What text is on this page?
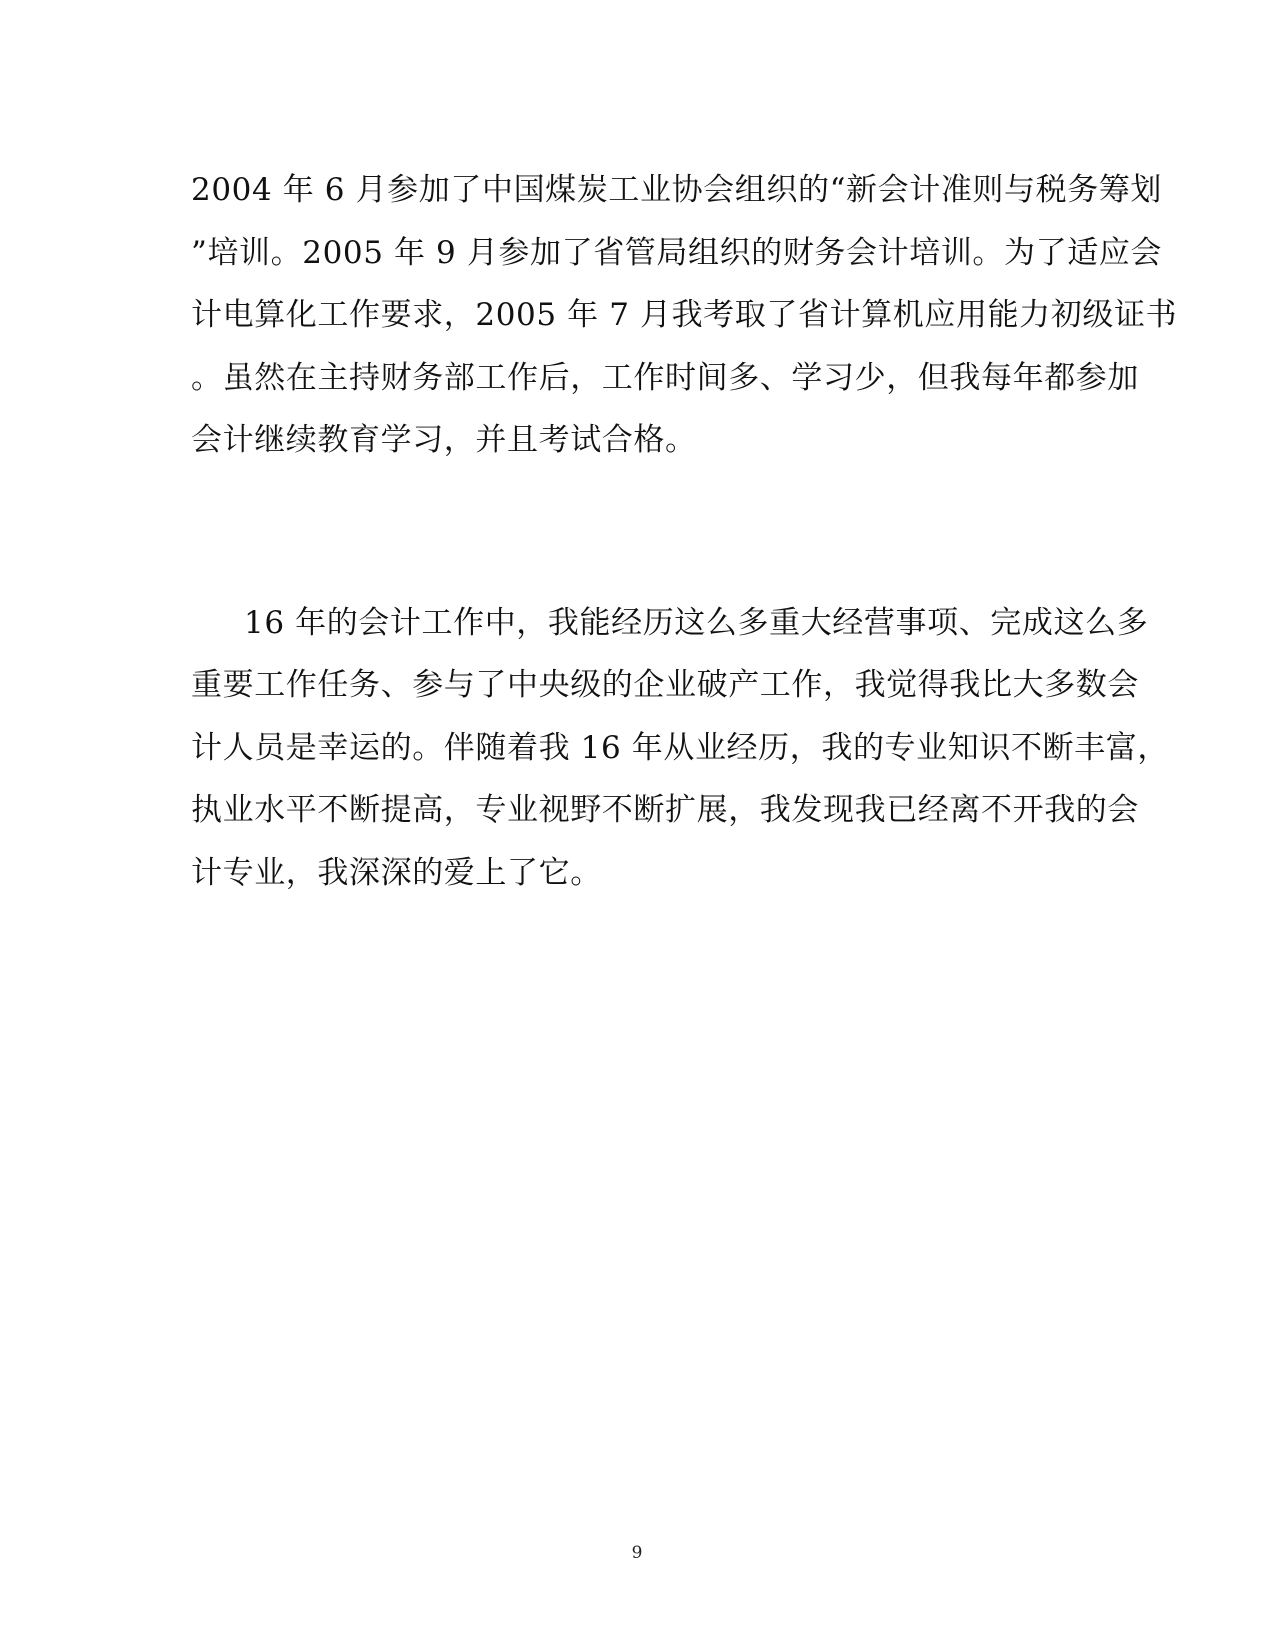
2004 年 6 月参加了中国煤炭工业协会组织的“新会计准则与税务筹划
”培训。2005 年 9 月参加了省管局组织的财务会计培训。为了适应会
计电算化工作要求，2005 年 7 月我考取了省计算机应用能力初级证书
。虽然在主持财务部工作后，工作时间多、学习少，但我每年都参加
会计继续教育学习，并且考试合格。
16 年的会计工作中，我能经历这么多重大经营事项、完成这么多
重要工作任务、参与了中央级的企业破产工作，我觉得我比大多数会
计人员是幸运的。伴随着我 16 年从业经历，我的专业知识不断丰富，
执业水平不断提高，专业视野不断扩展，我发现我已经离不开我的会
计专业，我深深的爱上了它。
9
